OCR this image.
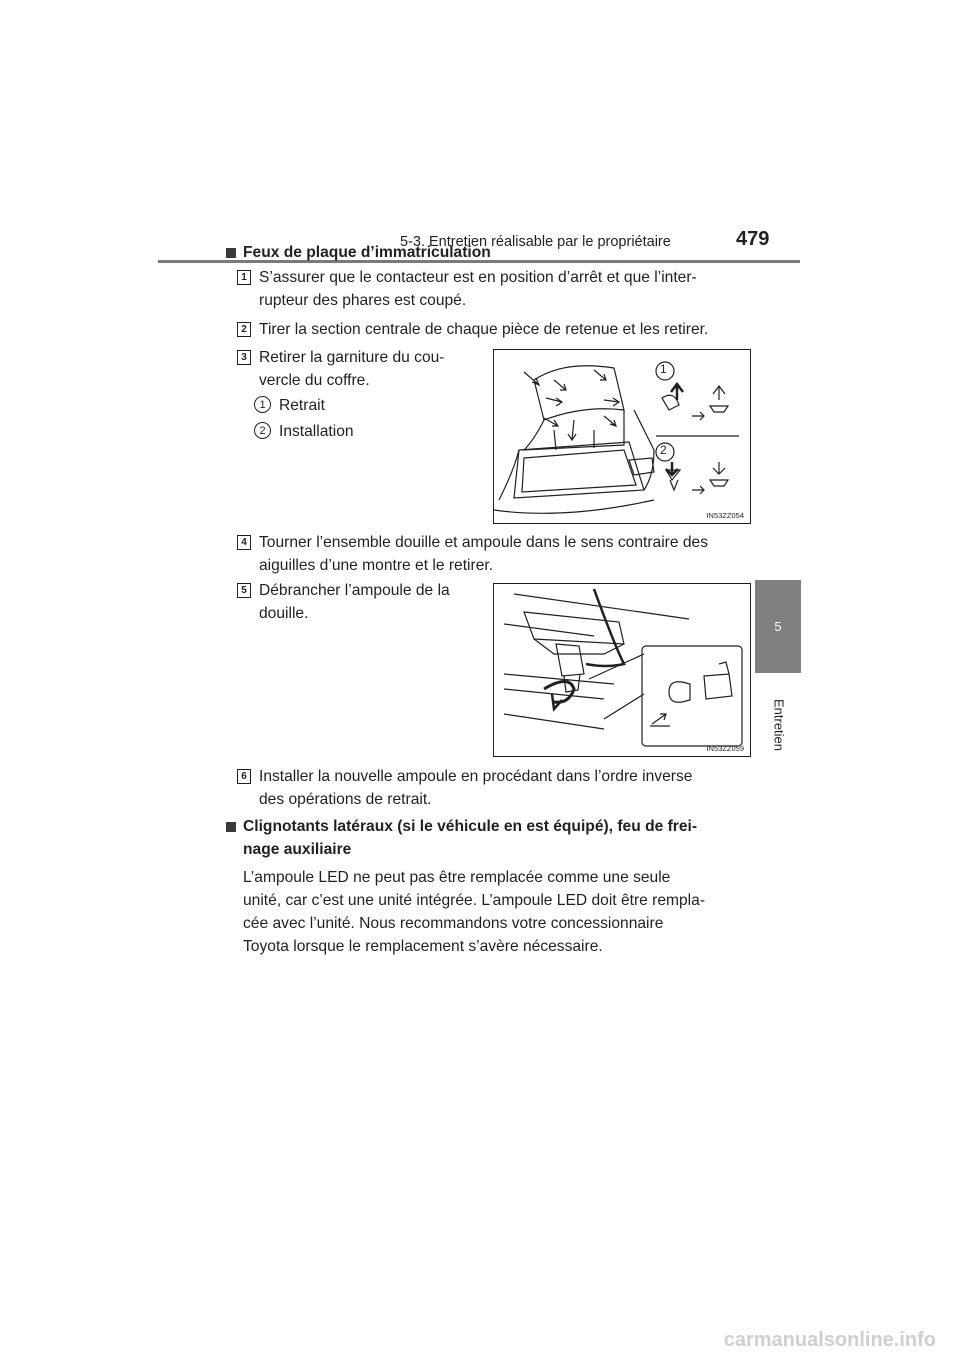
5-3. Entretien réalisable par le propriétaire	479
5
Entretien
Feux de plaque d’immatriculation
1 S’assurer que le contacteur est en position d’arrêt et que l’inter-
rupteur des phares est coupé.
2 Tirer la section centrale de chaque pièce de retenue et les retirer.
3 Retirer la garniture du cou-
vercle du coffre.
1 Retrait
2 Installation
1
2
IN53ZZ054
4 Tourner l’ensemble douille et ampoule dans le sens contraire des
aiguilles d’une montre et le retirer.
5 Débrancher l’ampoule de la
douille.
IN53ZZ059
6 Installer la nouvelle ampoule en procédant dans l’ordre inverse
des opérations de retrait.
Clignotants latéraux (si le véhicule en est équipé), feu de frei-
nage auxiliaire
L’ampoule LED ne peut pas être remplacée comme une seule
unité, car c’est une unité intégrée. L’ampoule LED doit être rempla-
cée avec l’unité. Nous recommandons votre concessionnaire
Toyota lorsque le remplacement s’avère nécessaire.
carmanualsonline.info
